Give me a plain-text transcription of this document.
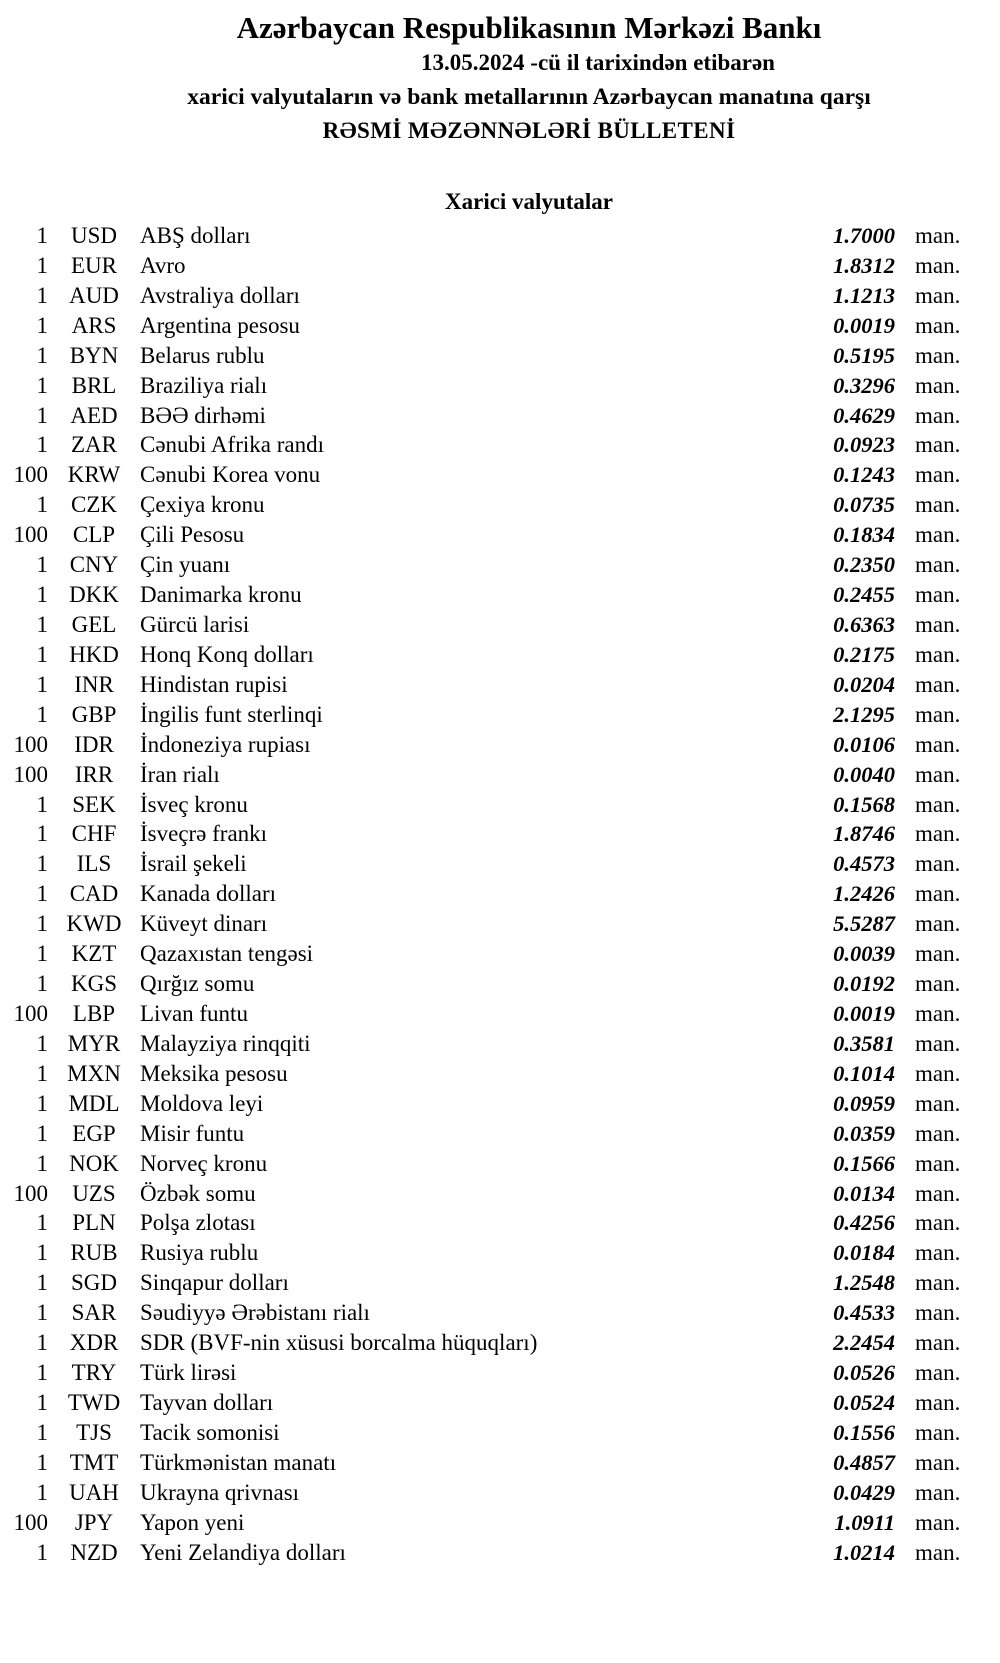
Azərbaycan Respublikasının Mərkəzi Bankı
13.05.2024 -cü il tarixindən etibarən
xarici valyutaların və bank metallarının Azərbaycan manatına qarşı
RƏSMİ MƏZƏNNƏLƏRİ BÜLLETENİ
Xarici valyutalar
1 USD	ABŞ dolları	1.7000 man.
1	EUR	Avro	1.8312 man.
1 AUD Avstraliya dolları	1.1213 man.
1	ARS	Argentina pesosu	0.0019 man.
1 BYN Belarus rublu	0.5195 man.
1	BRL	Braziliya rialı	0.3296 man.
1 AED BƏƏ dirhəmi	0.4629 man.
1	ZAR	Cənubi Afrika randı	0.0923 man.
100 KRW Cənubi Korea vonu	0.1243 man.
1	CZK	Çexiya kronu	0.0735 man.
100	CLP	Çili Pesosu	0.1834 man.
1 CNY Çin yuanı	0.2350 man.
1 DKK Danimarka kronu	0.2455 man.
1	GEL	Gürcü larisi	0.6363 man.
1 HKD Honq Konq dolları	0.2175 man.
1	INR	Hindistan rupisi	0.0204 man.
1	GBP	İngilis funt sterlinqi	2.1295 man.
100	IDR	İndoneziya rupiası	0.0106 man.
100	IRR	İran rialı	0.0040 man.
1	SEK	İsveç kronu	0.1568 man.
1	CHF	İsveçrə frankı	1.8746 man.
1	ILS	İsrail şekeli	0.4573 man.
1 CAD Kanada dolları	1.2426 man.
1 KWD Küveyt dinarı	5.5287 man.
1	KZT	Qazaxıstan tengəsi	0.0039 man.
1 KGS	Qırğız somu	0.0192 man.
100	LBP	Livan funtu	0.0019 man.
1 MYR Malayziya rinqqiti	0.3581 man.
1 MXN Meksika pesosu	0.1014 man.
1 MDL Moldova leyi	0.0959 man.
1	EGP	Misir funtu	0.0359 man.
1 NOK Norveç kronu	0.1566 man.
100	UZS	Özbək somu	0.0134 man.
1	PLN	Polşa zlotası	0.4256 man.
1 RUB Rusiya rublu	0.0184 man.
1 SGD	Sinqapur dolları	1.2548 man.
1	SAR	Səudiyyə Ərəbistanı rialı	0.4533 man.
1 XDR SDR (BVF-nin xüsusi borcalma hüquqları)	2.2454 man.
1	TRY	Türk lirəsi	0.0526 man.
1 TWD Tayvan dolları	0.0524 man.
1	TJS	Tacik somonisi	0.1556 man.
1 TMT Türkmənistan manatı	0.4857 man.
1 UAH Ukrayna qrivnası	0.0429 man.
100	JPY	Yapon yeni	1.0911 man.
1 NZD Yeni Zelandiya dolları	1.0214 man.
